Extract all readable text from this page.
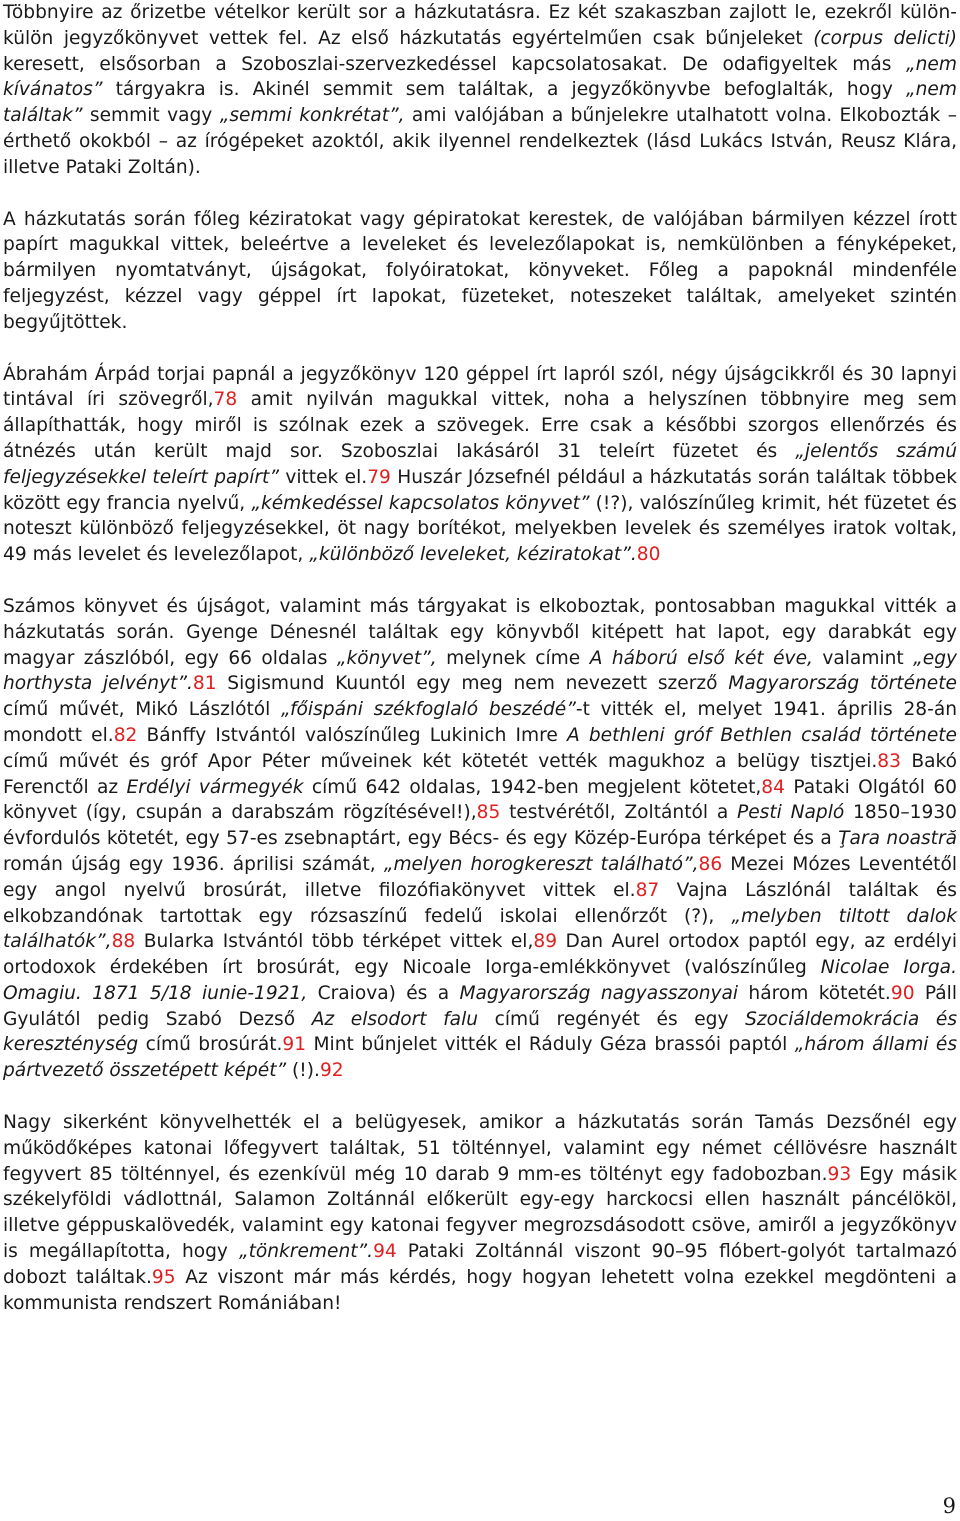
Többnyire az őrizetbe vételkor került sor a házkutatásra. Ez két szakaszban zajlott le, ezekről külön-külön jegyzőkönyvet vettek fel. Az első házkutatás egyértelműen csak bűnjeleket (corpus delicti) keresett, elsősorban a Szoboszlai-szervezkedéssel kapcsolatosakat. De odafigyeltek más „nem kívánatos” tárgyakra is. Akinél semmit sem találtak, a jegyzőkönyvbe befoglalták, hogy „nem találtak” semmit vagy „semmi konkrétat”, ami valójában a bűnjelekre utalhatott volna. Elkobozták – érthető okokból – az írógépeket azoktól, akik ilyennel rendelkeztek (lásd Lukács István, Reusz Klára, illetve Pataki Zoltán).

A házkutatás során főleg kéziratokat vagy gépiratokat kerestek, de valójában bármilyen kézzel írott papírt magukkal vittek, beleértve a leveleket és levelezőlapokat is, nemkülönben a fényképeket, bármilyen nyomtatványt, újságokat, folyóiratokat, könyveket. Főleg a papoknál mindenféle feljegyzést, kézzel vagy géppel írt lapokat, füzeteket, noteszeket találtak, amelyeket szintén begyűjtöttek.

Ábrahám Árpád torjai papnál a jegyzőkönyv 120 géppel írt lapról szól, négy újságcikkről és 30 lapnyi tintával íri szövegről,78 amit nyilván magukkal vittek, noha a helyszínen többnyire meg sem állapíthatták, hogy miről is szólnak ezek a szövegek. Erre csak a későbbi szorgos ellenőrzés és átnézés után került majd sor. Szoboszlai lakásáról 31 teleírt füzetet és „jelentős számú feljegyzésekkel teleírt papírt” vittek el.79 Huszár Józsefnél például a házkutatás során találtak többek között egy francia nyelvű, „kémkedéssel kapcsolatos könyvet” (!?), valószínűleg krimit, hét füzetet és noteszt különböző feljegyzésekkel, öt nagy borítékot, melyekben levelek és személyes iratok voltak, 49 más levelet és levelezőlapot, „különböző leveleket, kéziratokat”.80

Számos könyvet és újságot, valamint más tárgyakat is elkoboztak, pontosabban magukkal vitték a házkutatás során. Gyenge Dénesnél találtak egy könyvből kitépett hat lapot, egy darabkát egy magyar zászlóból, egy 66 oldalas „könyvet”, melynek címe A háború első két éve, valamint „egy horthysta jelvényt”.81 Sigismund Kuuntól egy meg nem nevezett szerző Magyarország története című művét, Mikó Lászlótól „főispáni székfoglaló beszédé”-t vitték el, melyet 1941. április 28-án mondott el.82 Bánffy Istvántól valószínűleg Lukinich Imre A bethleni gróf Bethlen család története című művét és gróf Apor Péter műveinek két kötetét vették magukhoz a belügy tisztjei.83 Bakó Ferenctől az Erdélyi vármegyék című 642 oldalas, 1942-ben megjelent kötetet,84 Pataki Olgától 60 könyvet (így, csupán a darabszám rögzítésével!),85 testvérétől, Zoltántól a Pesti Napló 1850–1930 évfordulós kötetét, egy 57-es zsebnaptárt, egy Bécs- és egy Közép-Európa térképet és a Ţara noastră román újság egy 1936. áprilisi számát, „melyen horogkereszt található”,86 Mezei Mózes Leventétől egy angol nyelvű brosúrát, illetve filozófiakönyvet vittek el.87 Vajna Lászlónál találtak és elkobzandónak tartottak egy rózsaszínű fedelű iskolai ellenőrzőt (?), „melyben tiltott dalok találhatók”,88 Bularka Istvántól több térképet vittek el,89 Dan Aurel ortodox paptól egy, az erdélyi ortodoxok érdekében írt brosúrát, egy Nicoale Iorga-emlékkönyvet (valószínűleg Nicolae Iorga. Omagiu. 1871 5/18 iunie-1921, Craiova) és a Magyarország nagyasszonyai három kötetét.90 Páll Gyulától pedig Szabó Dezső Az elsodort falu című regényét és egy Szociáldemokrácia és kereszténység című brosúrát.91 Mint bűnjelet vitték el Ráduly Géza brassói paptól „három állami és pártvezető összetépett képét” (!).92

Nagy sikerként könyvelhették el a belügyesek, amikor a házkutatás során Tamás Dezsőnél egy működőképes katonai lőfegyvert találtak, 51 tölténnyel, valamint egy német céllövésre használt fegyvert 85 tölténnyel, és ezenkívül még 10 darab 9 mm-es töltényt egy fadobozban.93 Egy másik székelyföldi vádlottnál, Salamon Zoltánnál előkerült egy-egy harckocsi ellen használt páncélököl, illetve géppuskalövedék, valamint egy katonai fegyver megrozsdásodott csöve, amiről a jegyzőkönyv is megállapította, hogy „tönkrement”.94 Pataki Zoltánnál viszont 90–95 flóbert-golyót tartalmazó dobozt találtak.95 Az viszont már más kérdés, hogy hogyan lehetett volna ezekkel megdönteni a kommunista rendszert Romániában!

9
